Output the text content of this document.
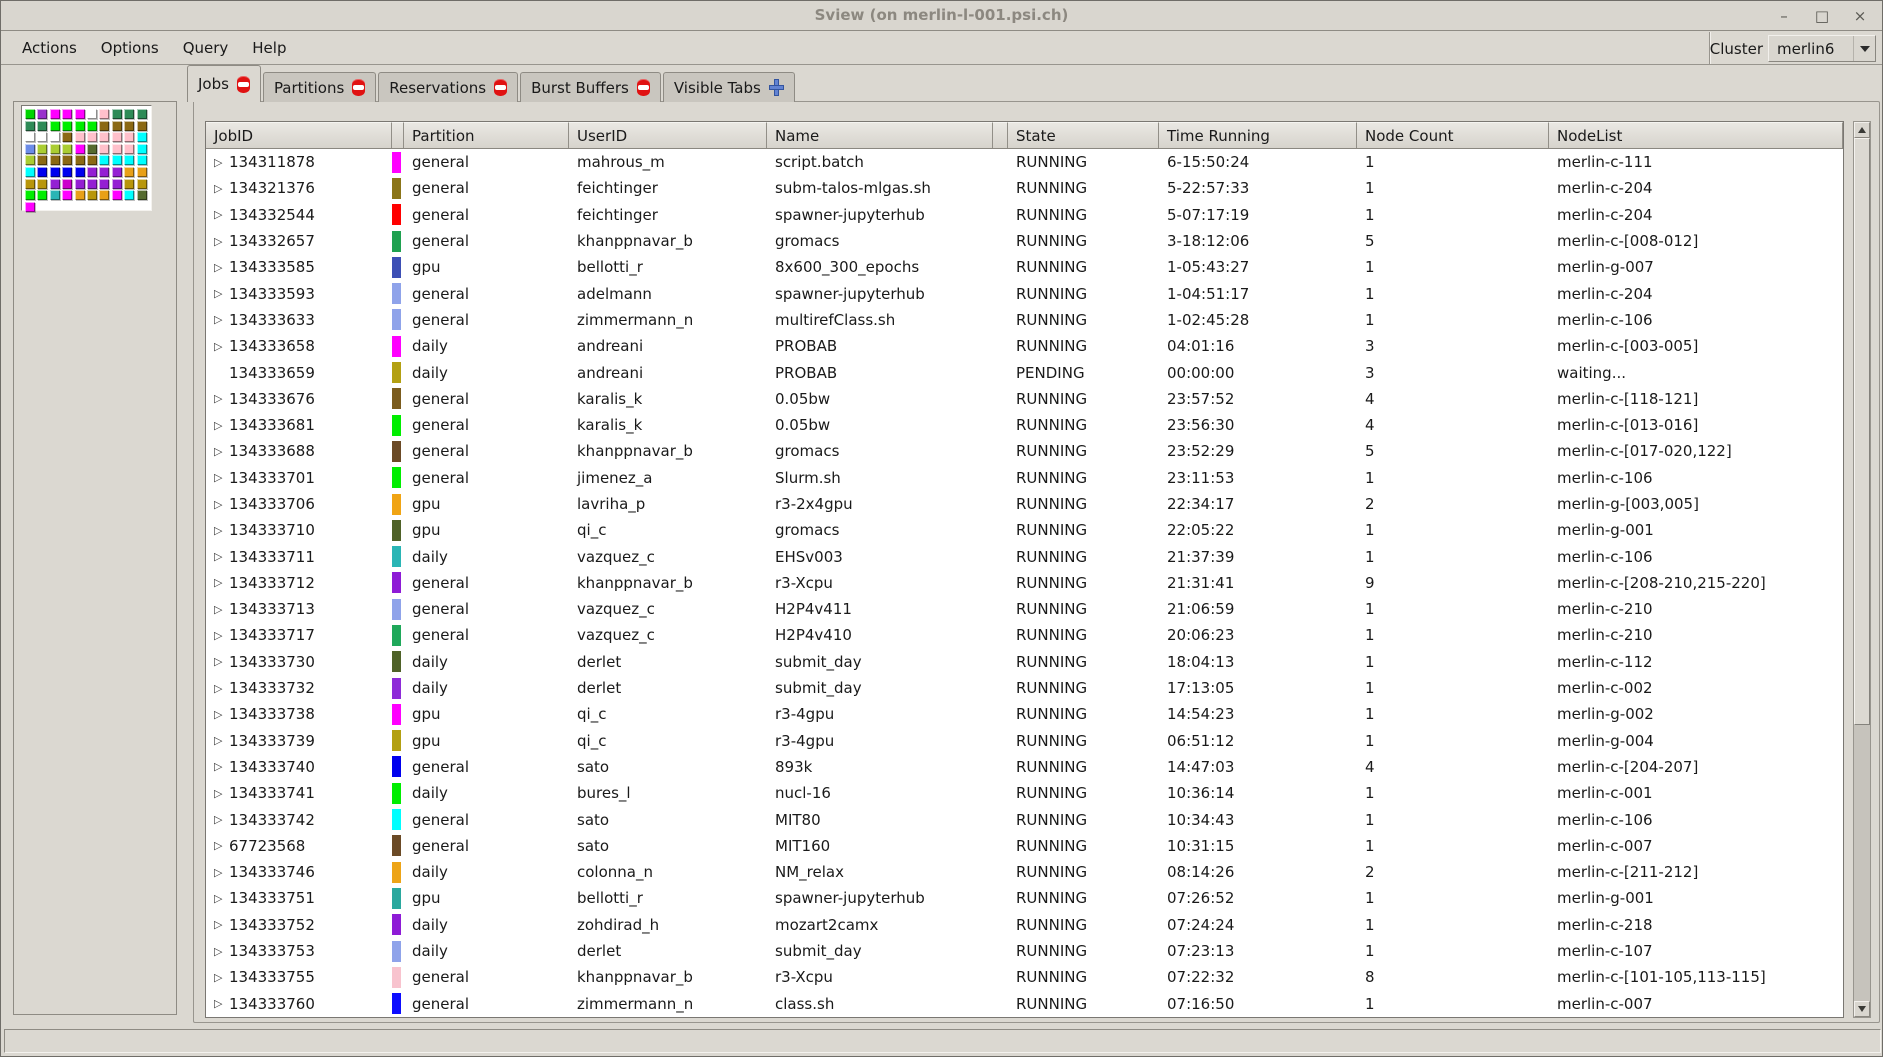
Sview (on merlin-l-001.psi.ch)	– □ ×
Actions	Options	Query	Help	Cluster merlin6
Jobs	Partitions	Reservations	Burst Buffers	Visible Tabs
JobID	Partition	UserID	Name	State	Time Running	Node Count	NodeList
▷ 134311878	general	mahrous_m	script.batch	RUNNING	6-15:50:24	1	merlin-c-111
▷ 134321376	general	feichtinger	subm-talos-mlgas.sh	RUNNING	5-22:57:33	1	merlin-c-204
▷ 134332544	general	feichtinger	spawner-jupyterhub	RUNNING	5-07:17:19	1	merlin-c-204
▷ 134332657	general	khanppnavar_b	gromacs	RUNNING	3-18:12:06	5	merlin-c-[008-012]
▷ 134333585	gpu	bellotti_r	8x600_300_epochs	RUNNING	1-05:43:27	1	merlin-g-007
▷ 134333593	general	adelmann	spawner-jupyterhub	RUNNING	1-04:51:17	1	merlin-c-204
▷ 134333633	general	zimmermann_n	multirefClass.sh	RUNNING	1-02:45:28	1	merlin-c-106
▷ 134333658	daily	andreani	PROBAB	RUNNING	04:01:16	3	merlin-c-[003-005]
134333659	daily	andreani	PROBAB	PENDING	00:00:00	3	waiting...
▷ 134333676	general	karalis_k	0.05bw	RUNNING	23:57:52	4	merlin-c-[118-121]
▷ 134333681	general	karalis_k	0.05bw	RUNNING	23:56:30	4	merlin-c-[013-016]
▷ 134333688	general	khanppnavar_b	gromacs	RUNNING	23:52:29	5	merlin-c-[017-020,122]
▷ 134333701	general	jimenez_a	Slurm.sh	RUNNING	23:11:53	1	merlin-c-106
▷ 134333706	gpu	lavriha_p	r3-2x4gpu	RUNNING	22:34:17	2	merlin-g-[003,005]
▷ 134333710	gpu	qi_c	gromacs	RUNNING	22:05:22	1	merlin-g-001
▷ 134333711	daily	vazquez_c	EHSv003	RUNNING	21:37:39	1	merlin-c-106
▷ 134333712	general	khanppnavar_b	r3-Xcpu	RUNNING	21:31:41	9	merlin-c-[208-210,215-220]
▷ 134333713	general	vazquez_c	H2P4v411	RUNNING	21:06:59	1	merlin-c-210
▷ 134333717	general	vazquez_c	H2P4v410	RUNNING	20:06:23	1	merlin-c-210
▷ 134333730	daily	derlet	submit_day	RUNNING	18:04:13	1	merlin-c-112
▷ 134333732	daily	derlet	submit_day	RUNNING	17:13:05	1	merlin-c-002
▷ 134333738	gpu	qi_c	r3-4gpu	RUNNING	14:54:23	1	merlin-g-002
▷ 134333739	gpu	qi_c	r3-4gpu	RUNNING	06:51:12	1	merlin-g-004
▷ 134333740	general	sato	893k	RUNNING	14:47:03	4	merlin-c-[204-207]
▷ 134333741	daily	bures_l	nucl-16	RUNNING	10:36:14	1	merlin-c-001
▷ 134333742	general	sato	MIT80	RUNNING	10:34:43	1	merlin-c-106
▷ 67723568	general	sato	MIT160	RUNNING	10:31:15	1	merlin-c-007
▷ 134333746	daily	colonna_n	NM_relax	RUNNING	08:14:26	2	merlin-c-[211-212]
▷ 134333751	gpu	bellotti_r	spawner-jupyterhub	RUNNING	07:26:52	1	merlin-g-001
▷ 134333752	daily	zohdirad_h	mozart2camx	RUNNING	07:24:24	1	merlin-c-218
▷ 134333753	daily	derlet	submit_day	RUNNING	07:23:13	1	merlin-c-107
▷ 134333755	general	khanppnavar_b	r3-Xcpu	RUNNING	07:22:32	8	merlin-c-[101-105,113-115]
▷ 134333760	general	zimmermann_n	class.sh	RUNNING	07:16:50	1	merlin-c-007
